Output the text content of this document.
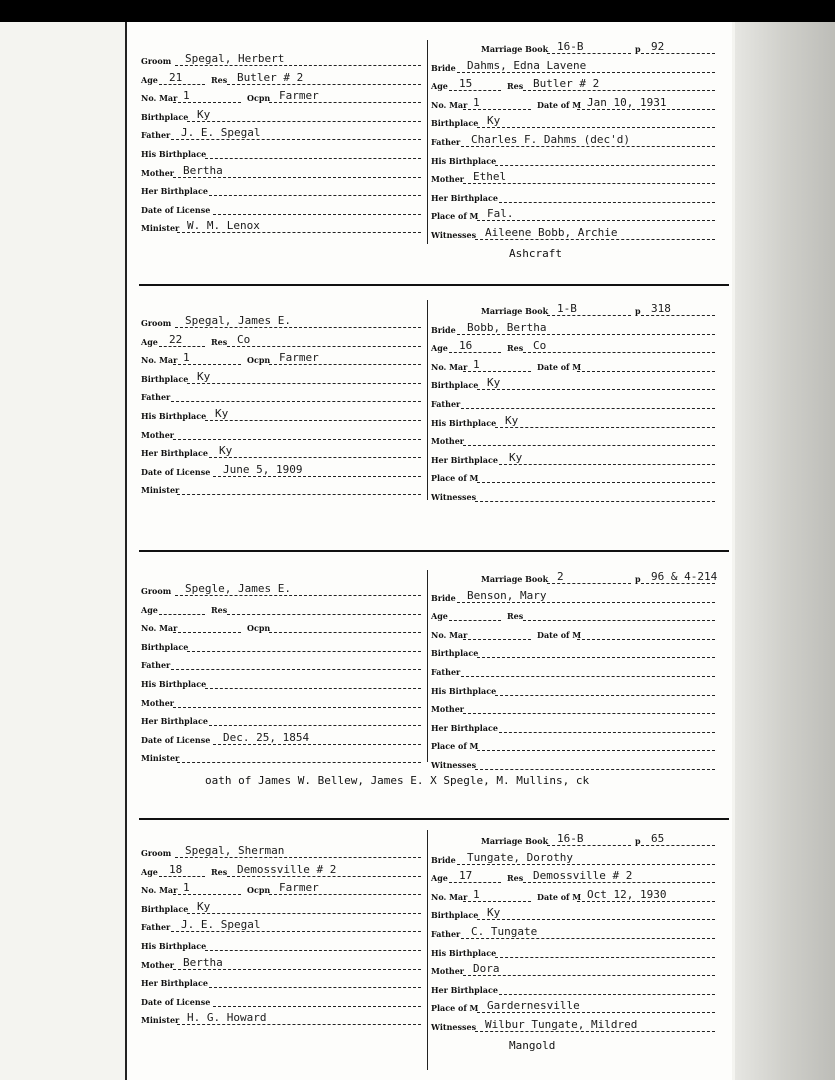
Groom Spegal, Herbert
Age 21	Res Butler # 2
No. Mar 1	Ocpn Farmer
Birthplace Ky
Father J. E. Spegal
His Birthplace
Mother Bertha
Her Birthplace
Date of License
Minister W. M. Lenox
Marriage Book 16-B	p 92
Bride Dahms, Edna Lavene
Age 15	Res Butler # 2
No. Mar 1	Date of M Jan 10, 1931
Birthplace Ky
Father Charles F. Dahms (dec'd)
His Birthplace
Mother Ethel
Her Birthplace
Place of M Fal.
Witnesses Aileene Bobb, Archie
Ashcraft
Groom Spegal, James E.
Age 22	Res Co
No. Mar 1	Ocpn Farmer
Birthplace Ky
Father
His Birthplace Ky
Mother
Her Birthplace Ky
Date of License June 5, 1909
Minister
Marriage Book 1-B	p 318
Bride Bobb, Bertha
Age 16	Res Co
No. Mar 1	Date of M
Birthplace Ky
Father
His Birthplace Ky
Mother
Her Birthplace Ky
Place of M
Witnesses
Groom Spegle, James E.
Age	Res
No. Mar	Ocpn
Birthplace
Father
His Birthplace
Mother
Her Birthplace
Date of License Dec. 25, 1854
Minister
Marriage Book 2	p 96 & 4-214
Bride Benson, Mary
Age	Res
No. Mar	Date of M
Birthplace
Father
His Birthplace
Mother
Her Birthplace
Place of M
Witnesses
oath of James W. Bellew, James E. X Spegle, M. Mullins, ck
Groom Spegal, Sherman
Age 18	Res Demossville # 2
No. Mar 1	Ocpn Farmer
Birthplace Ky
Father J. E. Spegal
His Birthplace
Mother Bertha
Her Birthplace
Date of License
Minister H. G. Howard
Marriage Book 16-B	p 65
Bride Tungate, Dorothy
Age 17	Res Demossville # 2
No. Mar 1	Date of M Oct 12, 1930
Birthplace Ky
Father C. Tungate
His Birthplace
Mother Dora
Her Birthplace
Place of M Gardernesville
Witnesses Wilbur Tungate, Mildred
Mangold
